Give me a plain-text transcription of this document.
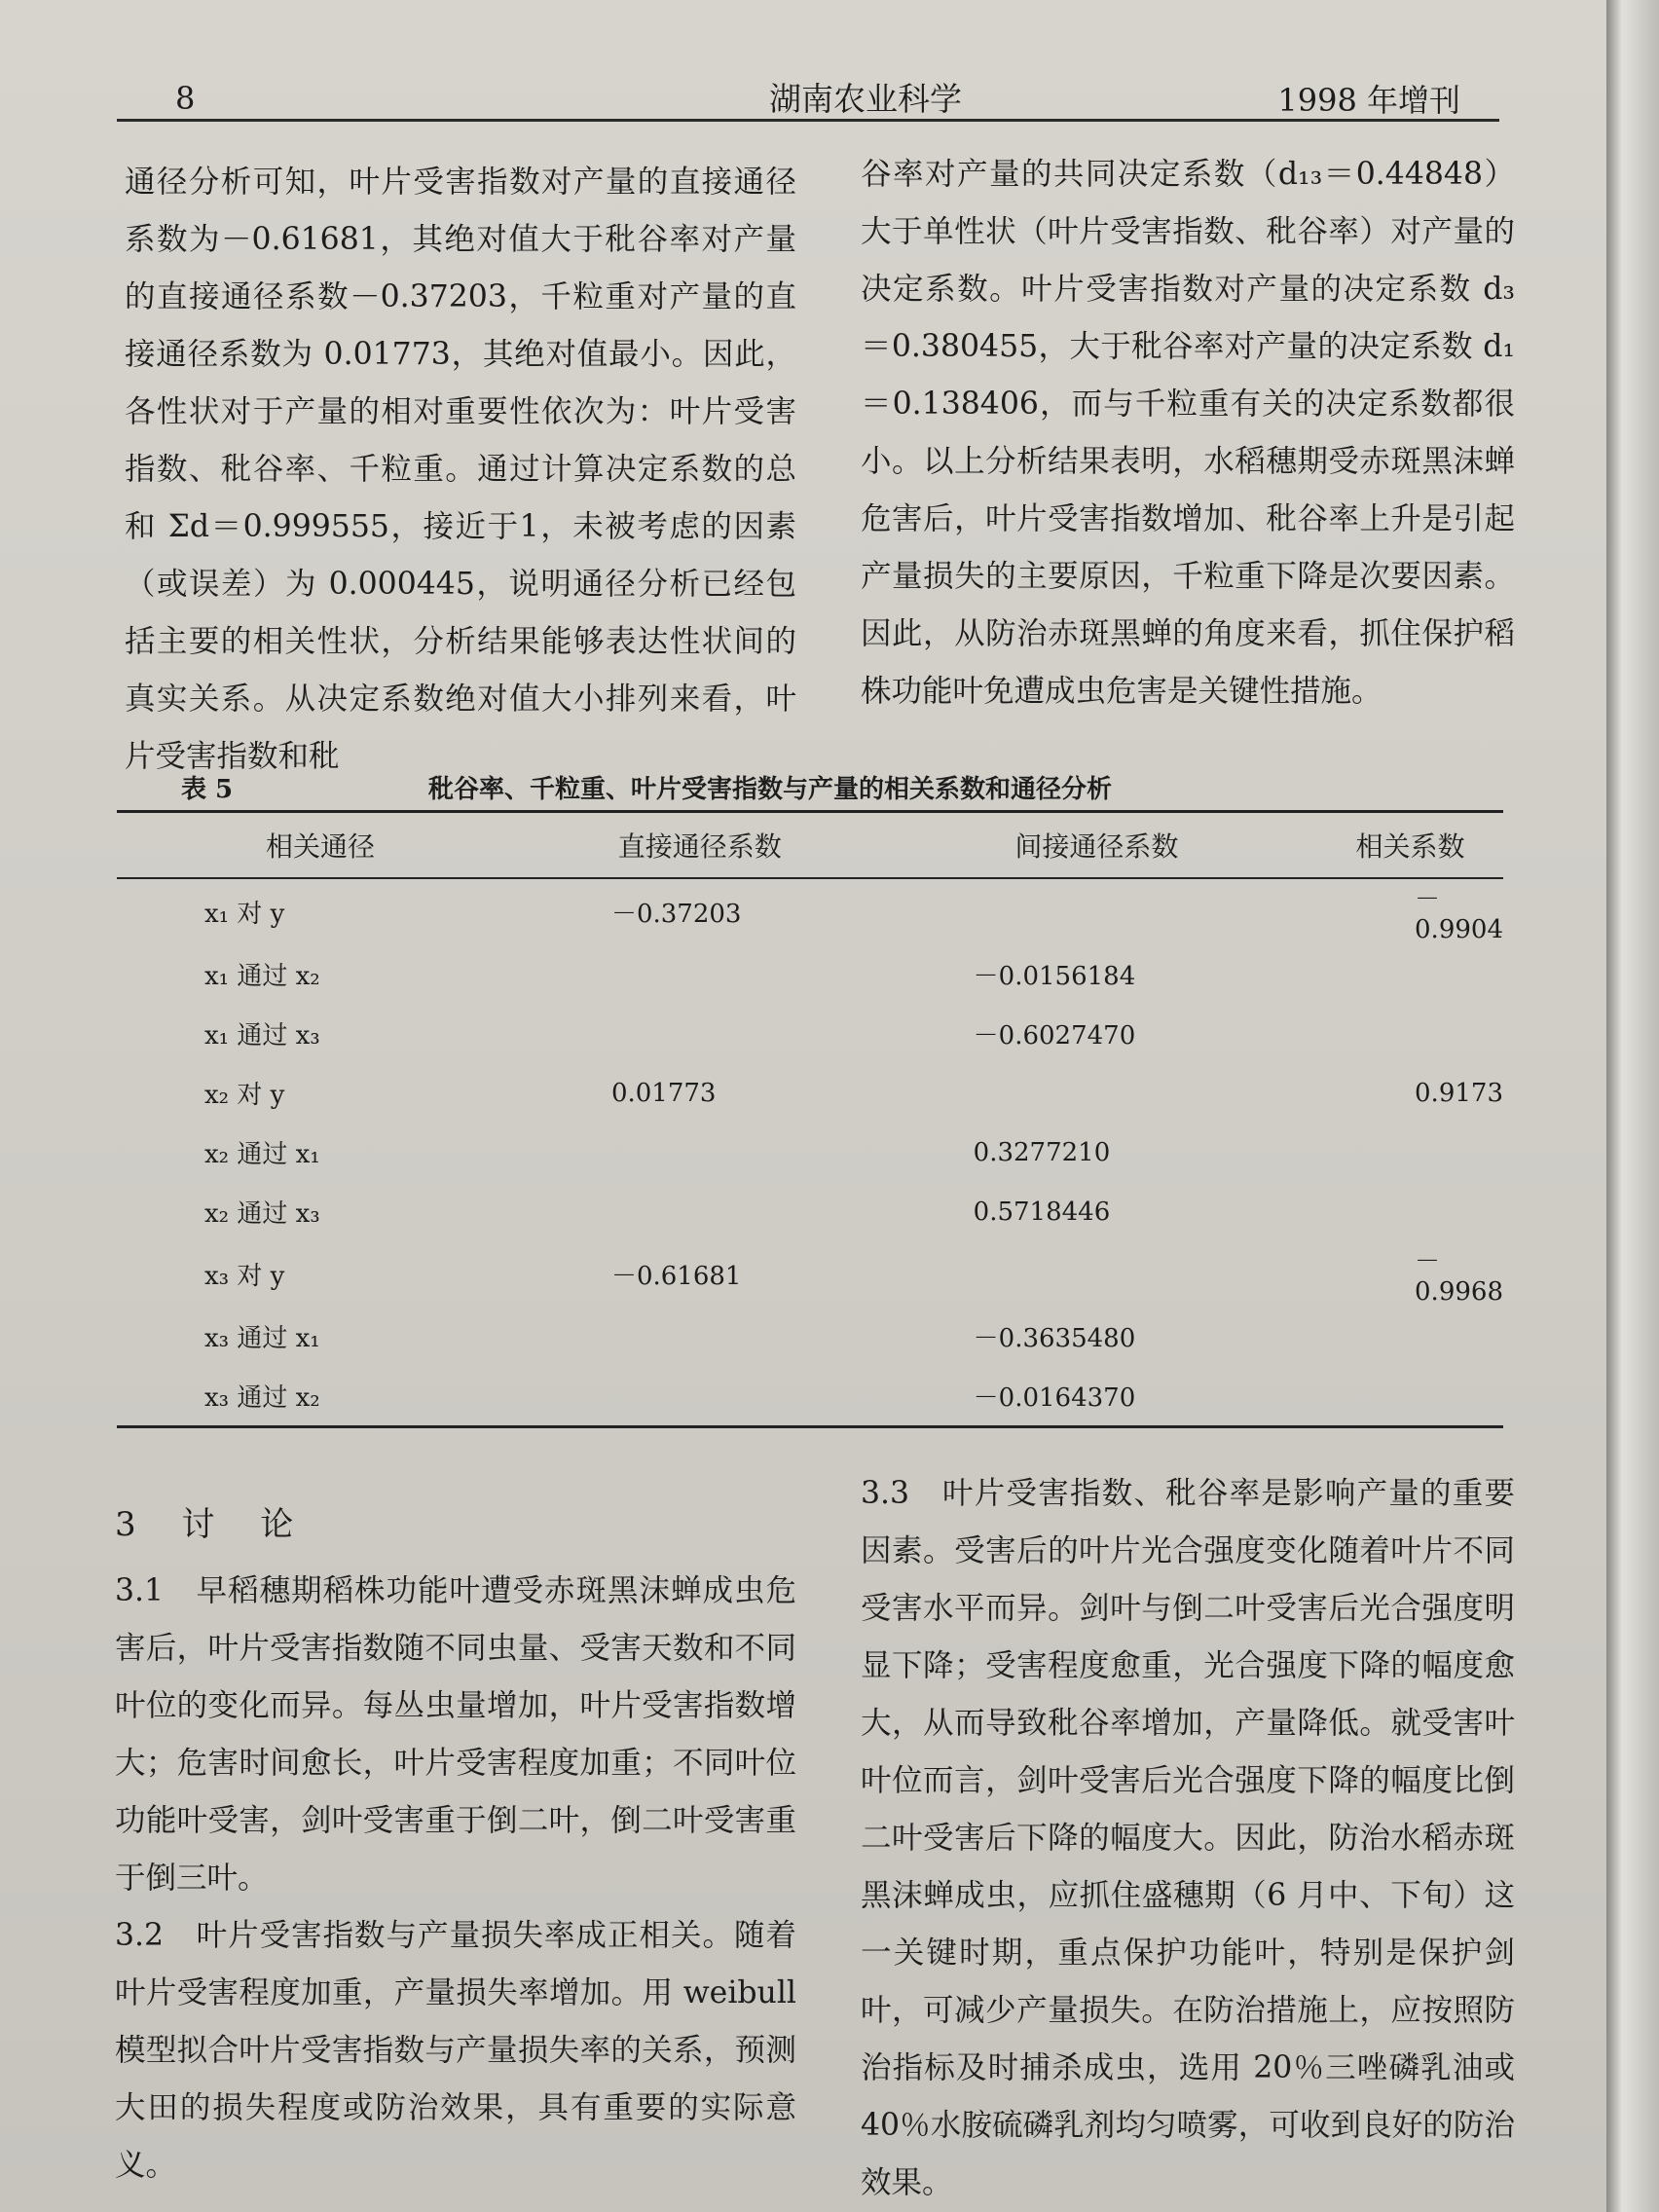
8	湖南农业科学	1998 年增刊

通径分析可知，叶片受害指数对产量的直接通径系数为－0.61681，其绝对值大于秕谷率对产量的直接通径系数－0.37203，千粒重对产量的直接通径系数为 0.01773，其绝对值最小。因此，各性状对于产量的相对重要性依次为：叶片受害指数、秕谷率、千粒重。通过计算决定系数的总和 Σd＝0.999555，接近于1，未被考虑的因素（或误差）为 0.000445，说明通径分析已经包括主要的相关性状，分析结果能够表达性状间的真实关系。从决定系数绝对值大小排列来看，叶片受害指数和秕

谷率对产量的共同决定系数（d₁₃＝0.44848）大于单性状（叶片受害指数、秕谷率）对产量的决定系数。叶片受害指数对产量的决定系数 d₃＝0.380455，大于秕谷率对产量的决定系数 d₁＝0.138406，而与千粒重有关的决定系数都很小。以上分析结果表明，水稻穗期受赤斑黑沫蝉危害后，叶片受害指数增加、秕谷率上升是引起产量损失的主要原因，千粒重下降是次要因素。因此，从防治赤斑黑蝉的角度来看，抓住保护稻株功能叶免遭成虫危害是关键性措施。

表 5	秕谷率、千粒重、叶片受害指数与产量的相关系数和通径分析
相关通径	直接通径系数	间接通径系数	相关系数
x₁ 对 y	－0.37203		－0.9904
x₁ 通过 x₂		－0.0156184	
x₁ 通过 x₃		－0.6027470	
x₂ 对 y	0.01773		0.9173
x₂ 通过 x₁		0.3277210	
x₂ 通过 x₃		0.5718446	
x₃ 对 y	－0.61681		－0.9968
x₃ 通过 x₁		－0.3635480	
x₃ 通过 x₂		－0.0164370	
3 讨 论

3.1　早稻穗期稻株功能叶遭受赤斑黑沫蝉成虫危害后，叶片受害指数随不同虫量、受害天数和不同叶位的变化而异。每丛虫量增加，叶片受害指数增大；危害时间愈长，叶片受害程度加重；不同叶位功能叶受害，剑叶受害重于倒二叶，倒二叶受害重于倒三叶。

3.2　叶片受害指数与产量损失率成正相关。随着叶片受害程度加重，产量损失率增加。用 weibull 模型拟合叶片受害指数与产量损失率的关系，预测大田的损失程度或防治效果，具有重要的实际意义。

3.3　叶片受害指数、秕谷率是影响产量的重要因素。受害后的叶片光合强度变化随着叶片不同受害水平而异。剑叶与倒二叶受害后光合强度明显下降；受害程度愈重，光合强度下降的幅度愈大，从而导致秕谷率增加，产量降低。就受害叶叶位而言，剑叶受害后光合强度下降的幅度比倒二叶受害后下降的幅度大。因此，防治水稻赤斑黑沫蝉成虫，应抓住盛穗期（6 月中、下旬）这一关键时期，重点保护功能叶，特别是保护剑叶，可减少产量损失。在防治措施上，应按照防治指标及时捕杀成虫，选用 20％三唑磷乳油或 40％水胺硫磷乳剂均匀喷雾，可收到良好的防治效果。
